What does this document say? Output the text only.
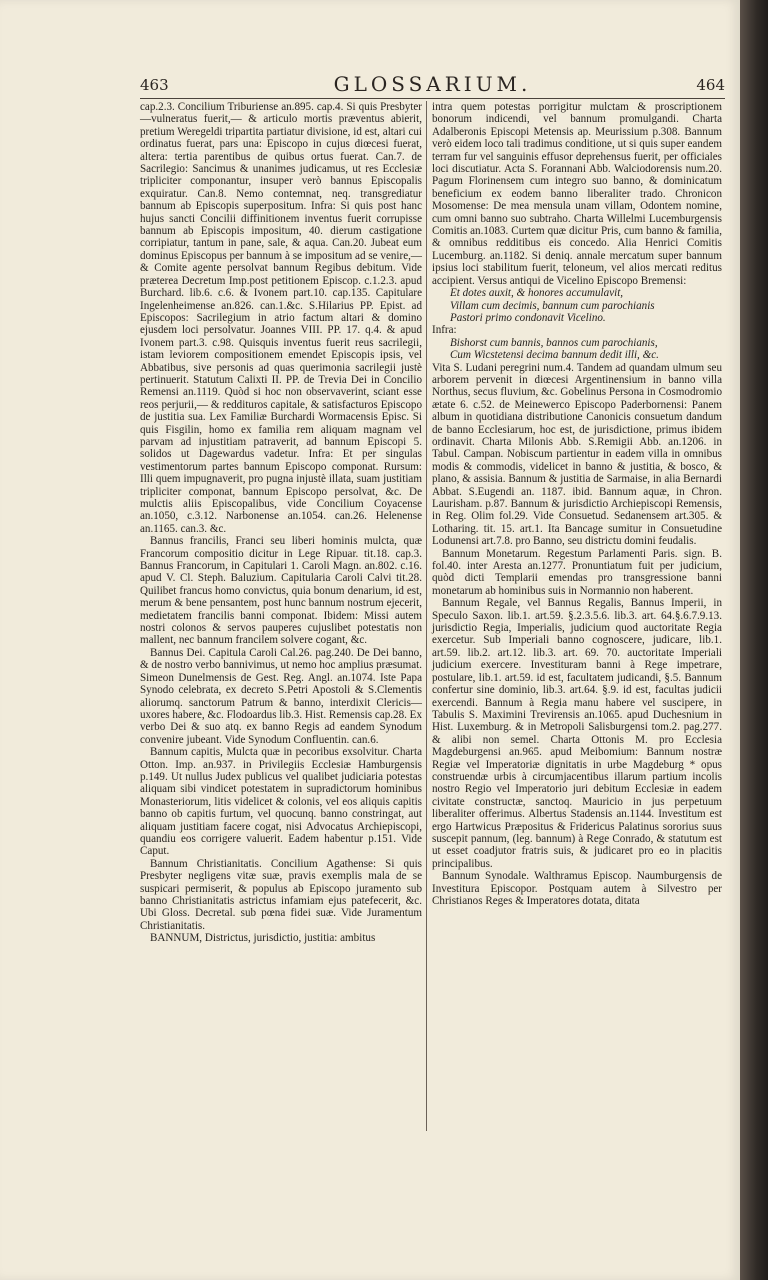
463	GLOSSARIUM.	464

cap.2.3. Concilium Triburiense an.895. cap.4. Si quis Presbyter—vulneratus fuerit,— & articulo mortis præventus abierit, pretium Weregeldi tripartita partiatur divisione, id est, altari cui ordinatus fuerat, pars una: Episcopo in cujus diœcesi fuerat, altera: tertia parentibus de quibus ortus fuerat. Can.7. de Sacrilegio: Sancimus & unanimes judicamus, ut res Ecclesiæ tripliciter componantur, insuper verò bannus Episcopalis exquiratur. Can.8. Nemo contemnat, neq. transgrediatur bannum ab Episcopis superpositum. Infra: Si quis post hanc hujus sancti Concilii diffinitionem inventus fuerit corrupisse bannum ab Episcopis impositum, 40. dierum castigatione corripiatur, tantum in pane, sale, & aqua. Can.20. Jubeat eum dominus Episcopus per bannum à se impositum ad se venire,—& Comite agente persolvat bannum Regibus debitum. Vide præterea Decretum Imp.post petitionem Episcop. c.1.2.3. apud Burchard. lib.6. c.6. & Ivonem part.10. cap.135. Capitulare Ingelenheimense an.826. can.1.&c. S.Hilarius PP. Epist. ad Episcopos: Sacrilegium in atrio factum altari & domino ejusdem loci persolvatur. Joannes VIII. PP. 17. q.4. & apud Ivonem part.3. c.98. Quisquis inventus fuerit reus sacrilegii, istam leviorem compositionem emendet Episcopis ipsis, vel Abbatibus, sive personis ad quas querimonia sacrilegii justè pertinuerit. Statutum Calixti II. PP. de Trevia Dei in Concilio Remensi an.1119. Quòd si hoc non observaverint, sciant esse reos perjurii,— & reddituros capitale, & satisfacturos Episcopo de justitia sua. Lex Familiæ Burchardi Wormacensis Episc. Si quis Fisgilin, homo ex familia rem aliquam magnam vel parvam ad injustitiam patraverit, ad bannum Episcopi 5. solidos ut Dagewardus vadetur. Infra: Et per singulas vestimentorum partes bannum Episcopo componat. Rursum: Illi quem impugnaverit, pro pugna injustè illata, suam justitiam tripliciter componat, bannum Episcopo persolvat, &c. De mulctis aliis Episcopalibus, vide Concilium Coyacense an.1050, c.3.12. Narbonense an.1054. can.26. Helenense an.1165. can.3. &c.

Bannus francilis, Franci seu liberi hominis mulcta, quæ Francorum compositio dicitur in Lege Ripuar. tit.18. cap.3. Bannus Francorum, in Capitulari 1. Caroli Magn. an.802. c.16. apud V. Cl. Steph. Baluzium. Capitularia Caroli Calvi tit.28. Quilibet francus homo convictus, quia bonum denarium, id est, merum & bene pensantem, post hunc bannum nostrum ejecerit, medietatem francilis banni componat. Ibidem: Missi autem nostri colonos & servos pauperes cujuslibet potestatis non mallent, nec bannum francilem solvere cogant, &c.

Bannus Dei. Capitula Caroli Cal.26. pag.240. De Dei banno, & de nostro verbo bannivimus, ut nemo hoc amplius præsumat. Simeon Dunelmensis de Gest. Reg. Angl. an.1074. Iste Papa Synodo celebrata, ex decreto S.Petri Apostoli & S.Clementis aliorumq. sanctorum Patrum & banno, interdixit Clericis—uxores habere, &c. Flodoardus lib.3. Hist. Remensis cap.28. Ex verbo Dei & suo atq. ex banno Regis ad eandem Synodum convenire jubeant. Vide Synodum Confluentin. can.6.

Bannum capitis, Mulcta quæ in pecoribus exsolvitur. Charta Otton. Imp. an.937. in Privilegiis Ecclesiæ Hamburgensis p.149. Ut nullus Judex publicus vel qualibet judiciaria potestas aliquam sibi vindicet potestatem in supradictorum hominibus Monasteriorum, litis videlicet & colonis, vel eos aliquis capitis banno ob capitis furtum, vel quocunq. banno constringat, aut aliquam justitiam facere cogat, nisi Advocatus Archiepiscopi, quandiu eos corrigere valuerit. Eadem habentur p.151. Vide Caput.

Bannum Christianitatis. Concilium Agathense: Si quis Presbyter negligens vitæ suæ, pravis exemplis mala de se suspicari permiserit, & populus ab Episcopo juramento sub banno Christianitatis astrictus infamiam ejus patefecerit, &c. Ubi Gloss. Decretal. sub pœna fidei suæ. Vide Juramentum Christianitatis.

BANNUM, Districtus, jurisdictio, justitia: ambitus

intra quem potestas porrigitur mulctam & proscriptionem bonorum indicendi, vel bannum promulgandi. Charta Adalberonis Episcopi Metensis ap. Meurissium p.308. Bannum verò eidem loco tali tradimus conditione, ut si quis super eandem terram fur vel sanguinis effusor deprehensus fuerit, per officiales loci discutiatur. Acta S. Forannani Abb. Walciodorensis num.20. Pagum Florinensem cum integro suo banno, & dominicatum beneficium ex eodem banno liberaliter trado. Chronicon Mosomense: De mea mensula unam villam, Odontem nomine, cum omni banno suo subtraho. Charta Willelmi Lucemburgensis Comitis an.1083. Curtem quæ dicitur Pris, cum banno & familia, & omnibus redditibus eis concedo. Alia Henrici Comitis Lucemburg. an.1182. Si deniq. annale mercatum super bannum ipsius loci stabilitum fuerit, teloneum, vel alios mercati reditus accipient. Versus antiqui de Vicelino Episcopo Bremensi:

Et dotes auxit, & honores accumulavit,

Villam cum decimis, bannum cum parochianis

Pastori primo condonavit Vicelino.

Infra:

Bishorst cum bannis, bannos cum parochianis,

Cum Wicstetensi decima bannum dedit illi, &c.

Vita S. Ludani peregrini num.4. Tandem ad quandam ulmum seu arborem pervenit in diœcesi Argentinensium in banno villa Northus, secus fluvium, &c. Gobelinus Persona in Cosmodromio ætate 6. c.52. de Meinewerco Episcopo Paderbornensi: Panem album in quotidiana distributione Canonicis consuetum dandum de banno Ecclesiarum, hoc est, de jurisdictione, primus ibidem ordinavit. Charta Milonis Abb. S.Remigii Abb. an.1206. in Tabul. Campan. Nobiscum partientur in eadem villa in omnibus modis & commodis, videlicet in banno & justitia, & bosco, & plano, & assisia. Bannum & justitia de Sarmaise, in alia Bernardi Abbat. S.Eugendi an. 1187. ibid. Bannum aquæ, in Chron. Laurisham. p.87. Bannum & jurisdictio Archiepiscopi Remensis, in Reg. Olim fol.29. Vide Consuetud. Sedanensem art.305. & Lotharing. tit. 15. art.1. Ita Bancage sumitur in Consuetudine Lodunensi art.7.8. pro Banno, seu districtu domini feudalis.

Bannum Monetarum. Regestum Parlamenti Paris. sign. B. fol.40. inter Aresta an.1277. Pronuntiatum fuit per judicium, quòd dicti Templarii emendas pro transgressione banni monetarum ab hominibus suis in Normannio non haberent.

Bannum Regale, vel Bannus Regalis, Bannus Imperii, in Speculo Saxon. lib.1. art.59. §.2.3.5.6. lib.3. art. 64.§.6.7.9.13. jurisdictio Regia, Imperialis, judicium quod auctoritate Regia exercetur. Sub Imperiali banno cognoscere, judicare, lib.1. art.59. lib.2. art.12. lib.3. art. 69. 70. auctoritate Imperiali judicium exercere. Investituram banni à Rege impetrare, postulare, lib.1. art.59. id est, facultatem judicandi, §.5. Bannum confertur sine dominio, lib.3. art.64. §.9. id est, facultas judicii exercendi. Bannum à Regia manu habere vel suscipere, in Tabulis S. Maximini Trevirensis an.1065. apud Duchesnium in Hist. Luxemburg. & in Metropoli Salisburgensi tom.2. pag.277. & alibi non semel. Charta Ottonis M. pro Ecclesia Magdeburgensi an.965. apud Meibomium: Bannum nostræ Regiæ vel Imperatoriæ dignitatis in urbe Magdeburg * opus construendæ urbis à circumjacentibus illarum partium incolis nostro Regio vel Imperatorio juri debitum Ecclesiæ in eadem civitate constructæ, sanctoq. Mauricio in jus perpetuum liberaliter offerimus. Albertus Stadensis an.1144. Investitum est ergo Hartwicus Præpositus & Fridericus Palatinus sororius suus suscepit pannum, (leg. bannum) à Rege Conrado, & statutum est ut esset coadjutor fratris suis, & judicaret pro eo in placitis principalibus.

Bannum Synodale. Walthramus Episcop. Naumburgensis de Investitura Episcopor. Postquam autem à Silvestro per Christianos Reges & Imperatores dotata, ditata
